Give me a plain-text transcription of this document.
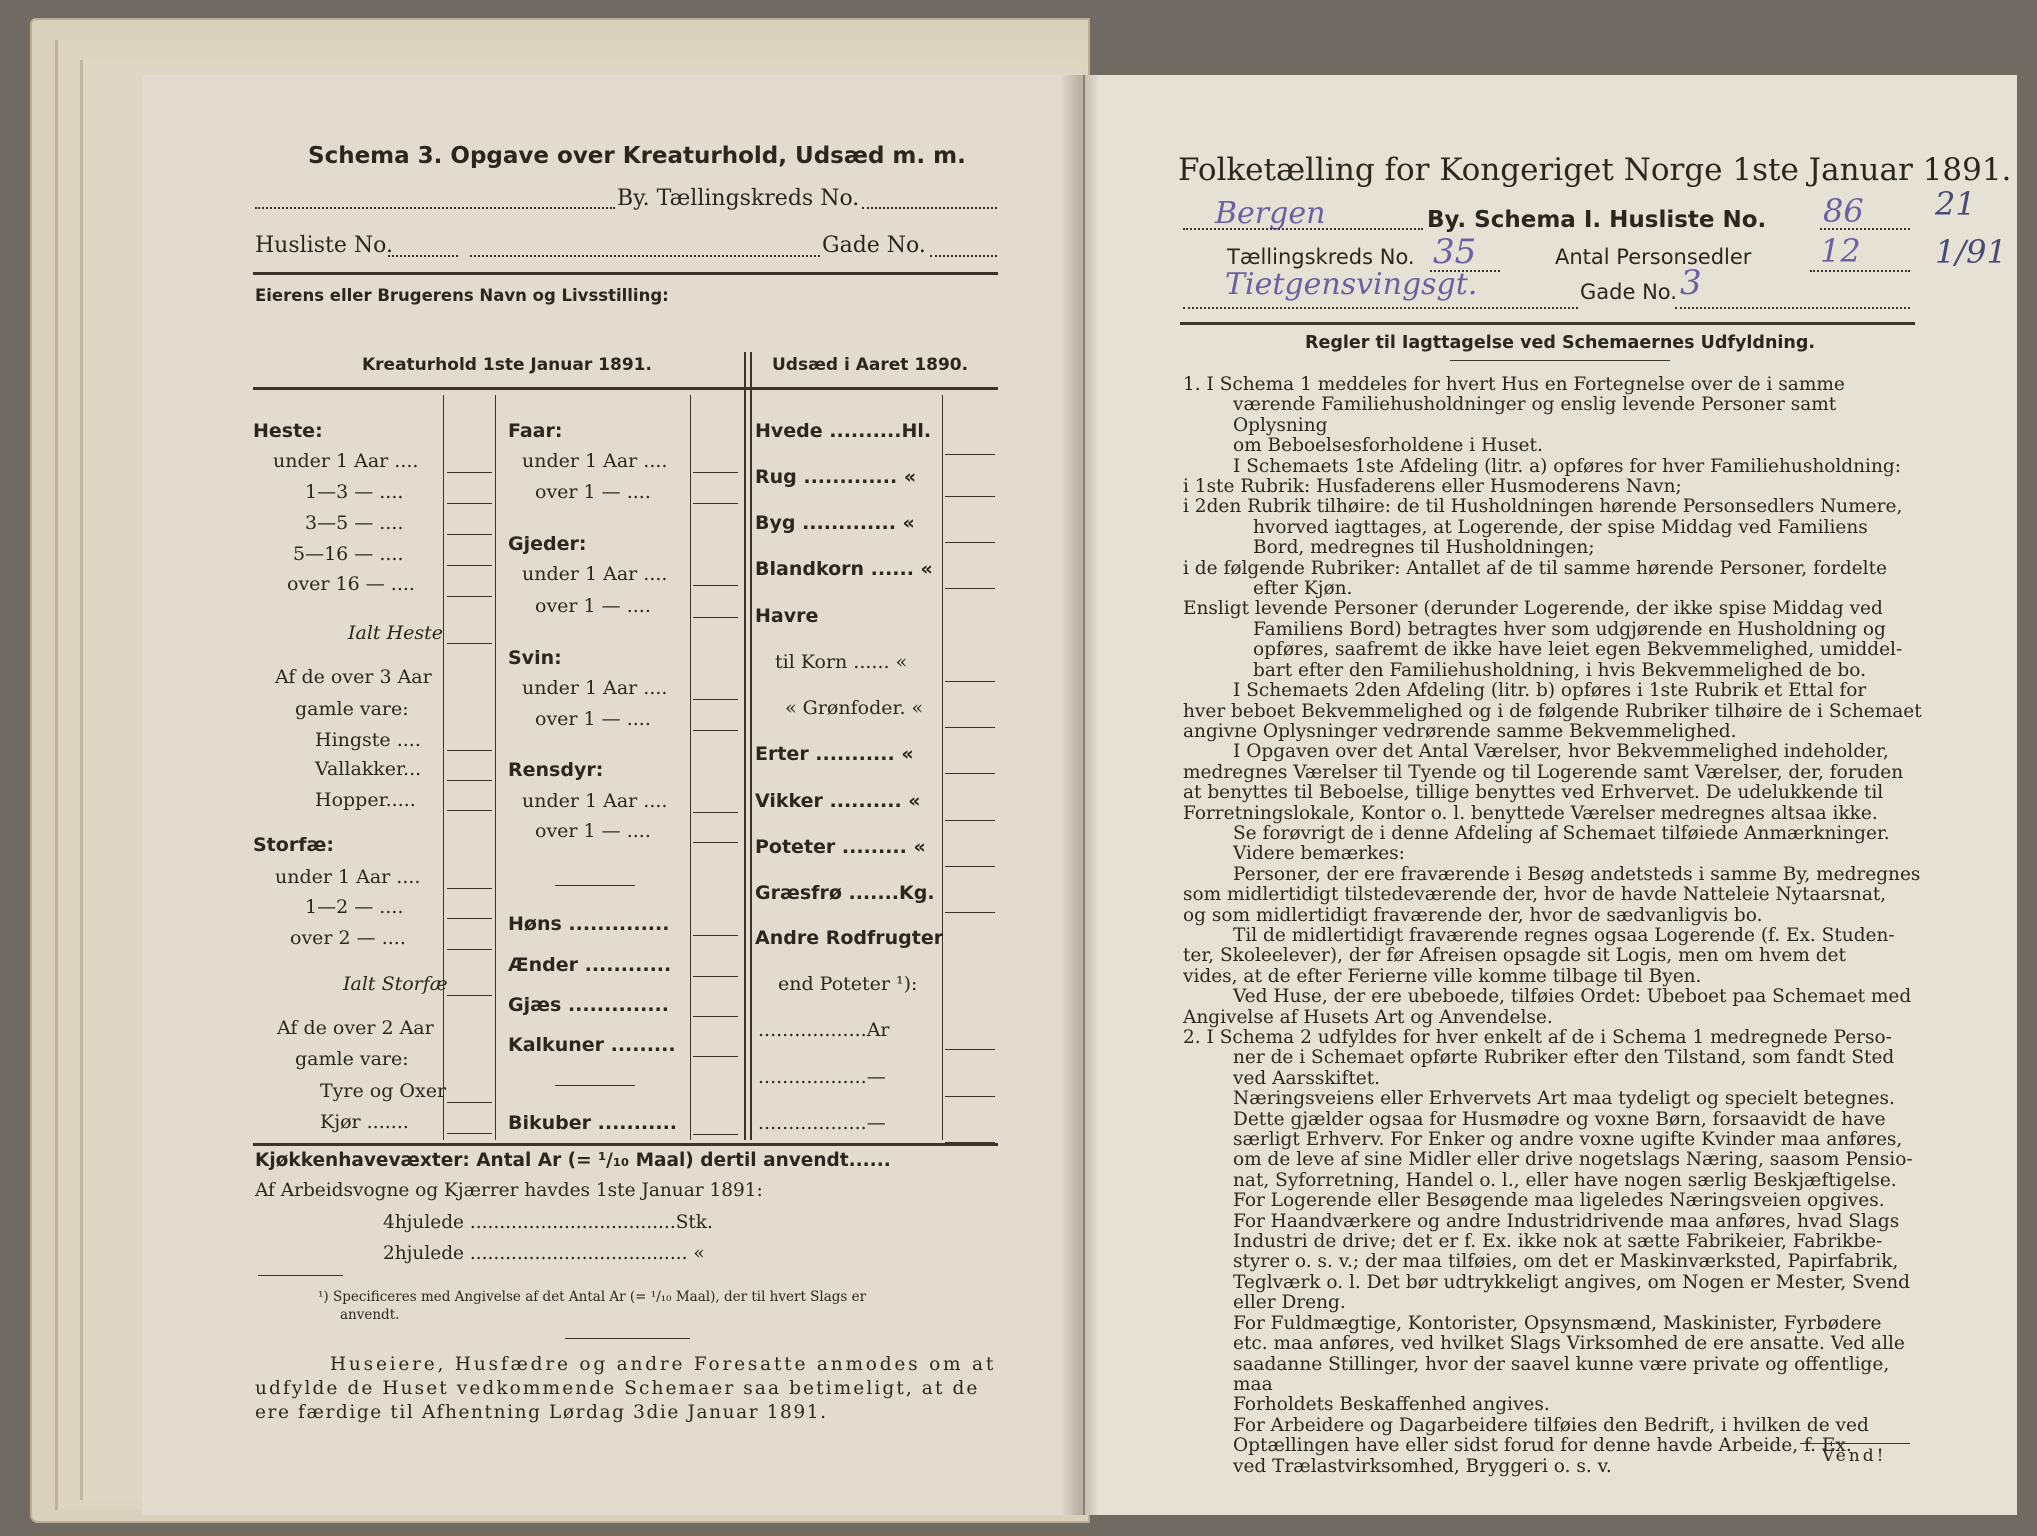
Schema 3. Opgave over Kreaturhold, Udsæd m. m.
By. Tællingskreds No.
Husliste No.	Gade No.
Eierens eller Brugerens Navn og Livsstilling:
Kreaturhold 1ste Januar 1891.	Udsæd i Aaret 1890.
Heste:
under 1 Aar ....
1—3 — ....
3—5 — ....
5—16 — ....
over 16 — ....
Ialt Heste
Af de over 3 Aar
gamle vare:
Hingste ....
Vallakker...
Hopper.....
Storfæ:
under 1 Aar ....
1—2 — ....
over 2 — ....
Ialt Storfæ
Af de over 2 Aar
gamle vare:
Tyre og Oxer
Kjør .......
Faar:
under 1 Aar ....
over 1 — ....
Gjeder:
under 1 Aar ....
over 1 — ....
Svin:
under 1 Aar ....
over 1 — ....
Rensdyr:
under 1 Aar ....
over 1 — ....
Høns ..............
Ænder ............
Gjæs ..............
Kalkuner .........
Bikuber ...........
Hvede ..........Hl.
Rug ............. «
Byg ............. «
Blandkorn ...... «
Havre
til Korn ...... «
« Grønfoder. «
Erter ........... «
Vikker .......... «
Poteter ......... «
Græsfrø .......Kg.
Andre Rodfrugter
end Poteter ¹):
..................Ar
..................—
..................—
Kjøkkenhavevæxter: Antal Ar (= ¹/₁₀ Maal) dertil anvendt......
Af Arbeidsvogne og Kjærrer havdes 1ste Januar 1891:
4hjulede ...................................Stk.
2hjulede ..................................... «
¹) Specificeres med Angivelse af det Antal Ar (= ¹/₁₀ Maal), der til hvert Slags er
anvendt.
Huseiere, Husfædre og andre Foresatte anmodes om at
udfylde de Huset vedkommende Schemaer saa betimeligt, at de
ere færdige til Afhentning Lørdag 3die Januar 1891.
Folketælling for Kongeriget Norge 1ste Januar 1891.
Bergen	By. Schema I. Husliste No. 86 21
1/91
Tællingskreds No. 35	Antal Personsedler 12
Tietgensvingsgt.	Gade No. 3
Regler til Iagttagelse ved Schemaernes Udfyldning.

1. I Schema 1 meddeles for hvert Hus en Fortegnelse over de i samme

værende Familiehusholdninger og enslig levende Personer samt Oplysning

om Beboelsesforholdene i Huset.

I Schemaets 1ste Afdeling (litr. a) opføres for hver Familiehusholdning:

i 1ste Rubrik: Husfaderens eller Husmoderens Navn;

i 2den Rubrik tilhøire: de til Husholdningen hørende Personsedlers Numere,

hvorved iagttages, at Logerende, der spise Middag ved Familiens

Bord, medregnes til Husholdningen;

i de følgende Rubriker: Antallet af de til samme hørende Personer, fordelte

efter Kjøn.

Ensligt levende Personer (derunder Logerende, der ikke spise Middag ved

Familiens Bord) betragtes hver som udgjørende en Husholdning og

opføres, saafremt de ikke have leiet egen Bekvemmelighed, umiddel-

bart efter den Familiehusholdning, i hvis Bekvemmelighed de bo.

I Schemaets 2den Afdeling (litr. b) opføres i 1ste Rubrik et Ettal for

hver beboet Bekvemmelighed og i de følgende Rubriker tilhøire de i Schemaet

angivne Oplysninger vedrørende samme Bekvemmelighed.

I Opgaven over det Antal Værelser, hvor Bekvemmelighed indeholder,

medregnes Værelser til Tyende og til Logerende samt Værelser, der, foruden

at benyttes til Beboelse, tillige benyttes ved Erhvervet. De udelukkende til

Forretningslokale, Kontor o. l. benyttede Værelser medregnes altsaa ikke.

Se forøvrigt de i denne Afdeling af Schemaet tilføiede Anmærkninger.

Videre bemærkes:

Personer, der ere fraværende i Besøg andetsteds i samme By, medregnes

som midlertidigt tilstedeværende der, hvor de havde Natteleie Nytaarsnat,

og som midlertidigt fraværende der, hvor de sædvanligvis bo.

Til de midlertidigt fraværende regnes ogsaa Logerende (f. Ex. Studen-

ter, Skoleelever), der før Afreisen opsagde sit Logis, men om hvem det

vides, at de efter Ferierne ville komme tilbage til Byen.

Ved Huse, der ere ubeboede, tilføies Ordet: Ubeboet paa Schemaet med

Angivelse af Husets Art og Anvendelse.

2. I Schema 2 udfyldes for hver enkelt af de i Schema 1 medregnede Perso-

ner de i Schemaet opførte Rubriker efter den Tilstand, som fandt Sted

ved Aarsskiftet.

Næringsveiens eller Erhvervets Art maa tydeligt og specielt betegnes.

Dette gjælder ogsaa for Husmødre og voxne Børn, forsaavidt de have

særligt Erhverv. For Enker og andre voxne ugifte Kvinder maa anføres,

om de leve af sine Midler eller drive nogetslags Næring, saasom Pensio-

nat, Syforretning, Handel o. l., eller have nogen særlig Beskjæftigelse.

For Logerende eller Besøgende maa ligeledes Næringsveien opgives.

For Haandværkere og andre Industridrivende maa anføres, hvad Slags

Industri de drive; det er f. Ex. ikke nok at sætte Fabrikeier, Fabrikbe-

styrer o. s. v.; der maa tilføies, om det er Maskinværksted, Papirfabrik,

Teglværk o. l. Det bør udtrykkeligt angives, om Nogen er Mester, Svend

eller Dreng.

For Fuldmægtige, Kontorister, Opsynsmænd, Maskinister, Fyrbødere

etc. maa anføres, ved hvilket Slags Virksomhed de ere ansatte. Ved alle

saadanne Stillinger, hvor der saavel kunne være private og offentlige, maa

Forholdets Beskaffenhed angives.

For Arbeidere og Dagarbeidere tilføies den Bedrift, i hvilken de ved

Optællingen have eller sidst forud for denne havde Arbeide, f. Ex.

ved Trælastvirksomhed, Bryggeri o. s. v.	Vend!
